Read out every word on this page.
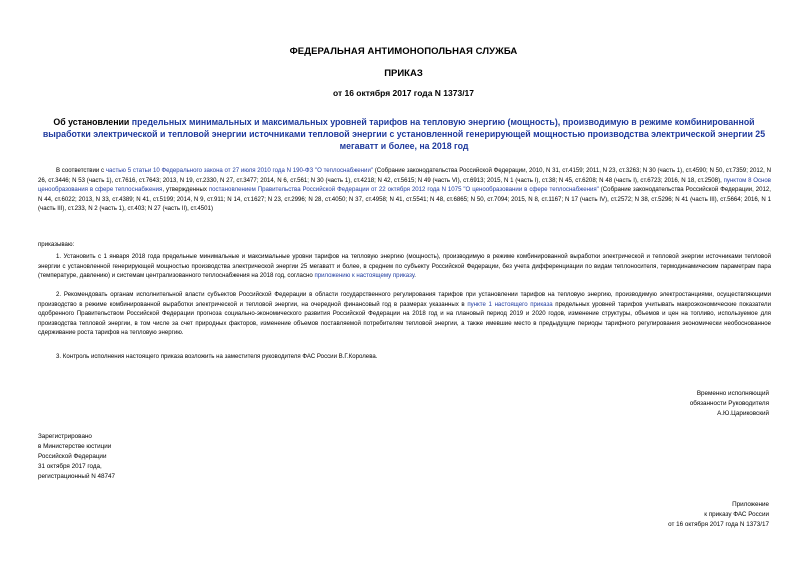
ФЕДЕРАЛЬНАЯ АНТИМОНОПОЛЬНАЯ СЛУЖБА
ПРИКАЗ
от 16 октября 2017 года N 1373/17
Об установлении предельных минимальных и максимальных уровней тарифов на тепловую энергию (мощность), производимую в режиме комбинированной выработки электрической и тепловой энергии источниками тепловой энергии с установленной генерирующей мощностью производства электрической энергии 25 мегаватт и более, на 2018 год
В соответствии с частью 5 статьи 10 Федерального закона от 27 июля 2010 года N 190-ФЗ "О теплоснабжении" (Собрание законодательства Российской Федерации, 2010, N 31, ст.4159; 2011, N 23, ст.3263; N 30 (часть 1), ст.4590; N 50, ст.7359; 2012, N 26, ст.3446; N 53 (часть 1), ст.7616, ст.7643; 2013, N 19, ст.2330, N 27, ст.3477; 2014, N 6, ст.561; N 30 (часть 1), ст.4218; N 42, ст.5615; N 49 (часть VI), ст.6913; 2015, N 1 (часть I), ст.38; N 45, ст.6208; N 48 (часть I), ст.6723; 2016, N 18, ст.2508), пунктом 8 Основ ценообразования в сфере теплоснабжения, утвержденных постановлением Правительства Российской Федерации от 22 октября 2012 года N 1075 "О ценообразовании в сфере теплоснабжения" (Собрание законодательства Российской Федерации, 2012, N 44, ст.6022; 2013, N 33, ст.4389; N 41, ст.5199; 2014, N 9, ст.911; N 14, ст.1627; N 23, ст.2996; N 28, ст.4050; N 37, ст.4958; N 41, ст.5541; N 48, ст.6865; N 50, ст.7094; 2015, N 8, ст.1167; N 17 (часть IV), ст.2572; N 38, ст.5296; N 41 (часть III), ст.5664; 2016, N 1 (часть III), ст.233, N 2 (часть 1), ст.403; N 27 (часть II), ст.4501)
приказываю:
1. Установить с 1 января 2018 года предельные минимальные и максимальные уровни тарифов на тепловую энергию (мощность), производимую в режиме комбинированной выработки электрической и тепловой энергии источниками тепловой энергии с установленной генерирующей мощностью производства электрической энергии 25 мегаватт и более, в среднем по субъекту Российской Федерации, без учета дифференциации по видам теплоносителя, термодинамическим параметрам пара (температуре, давлению) и системам централизованного теплоснабжения на 2018 год, согласно приложению к настоящему приказу.
2. Рекомендовать органам исполнительной власти субъектов Российской Федерации в области государственного регулирования тарифов при установлении тарифов на тепловую энергию, производимую электростанциями, осуществляющими производство в режиме комбинированной выработки электрической и тепловой энергии, на очередной финансовый год в размерах указанных в пункте 1 настоящего приказа предельных уровней тарифов учитывать макроэкономические показатели одобренного Правительством Российской Федерации прогноза социально-экономического развития Российской Федерации на 2018 год и на плановый период 2019 и 2020 годов, изменение структуры, объемов и цен на топливо, используемое для производства тепловой энергии, в том числе за счет природных факторов, изменение объемов поставляемой потребителям тепловой энергии, а также имевшие место в предыдущие периоды тарифного регулирования экономически необоснованное сдерживание роста тарифов на тепловую энергию.
3. Контроль исполнения настоящего приказа возложить на заместителя руководителя ФАС России В.Г.Королева.
Временно исполняющий
обязанности Руководителя
А.Ю.Цариковский
Зарегистрировано
в Министерстве юстиции
Российской Федерации
31 октября 2017 года,
регистрационный N 48747
Приложение
к приказу ФАС России
от 16 октября 2017 года N 1373/17
